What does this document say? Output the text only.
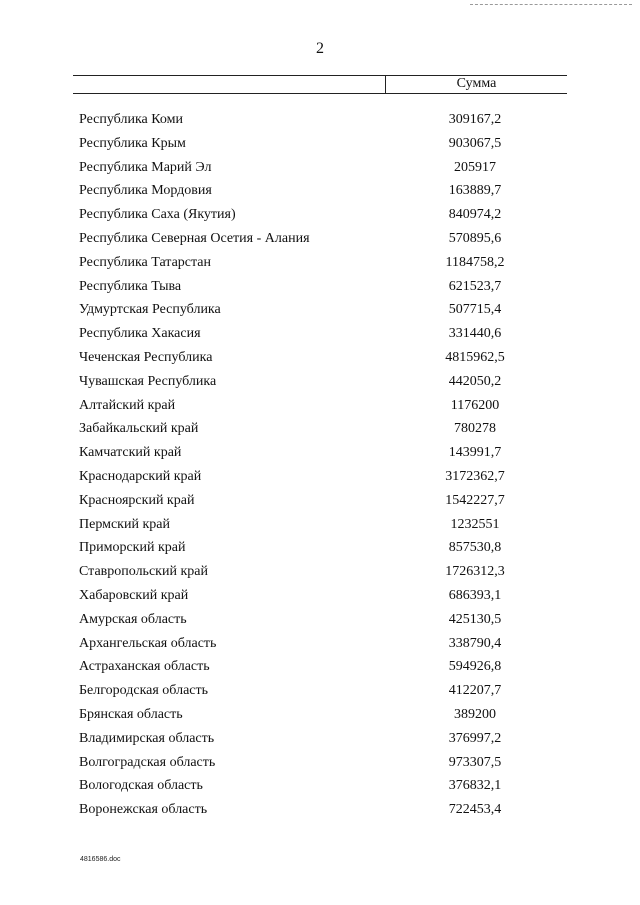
2
Сумма
Республика Коми	309167,2
Республика Крым	903067,5
Республика Марий Эл	205917
Республика Мордовия	163889,7
Республика Саха (Якутия)	840974,2
Республика Северная Осетия - Алания	570895,6
Республика Татарстан	1184758,2
Республика Тыва	621523,7
Удмуртская Республика	507715,4
Республика Хакасия	331440,6
Чеченская Республика	4815962,5
Чувашская Республика	442050,2
Алтайский край	1176200
Забайкальский край	780278
Камчатский край	143991,7
Краснодарский край	3172362,7
Красноярский край	1542227,7
Пермский край	1232551
Приморский край	857530,8
Ставропольский край	1726312,3
Хабаровский край	686393,1
Амурская область	425130,5
Архангельская область	338790,4
Астраханская область	594926,8
Белгородская область	412207,7
Брянская область	389200
Владимирская область	376997,2
Волгоградская область	973307,5
Вологодская область	376832,1
Воронежская область	722453,4
4816586.doc
